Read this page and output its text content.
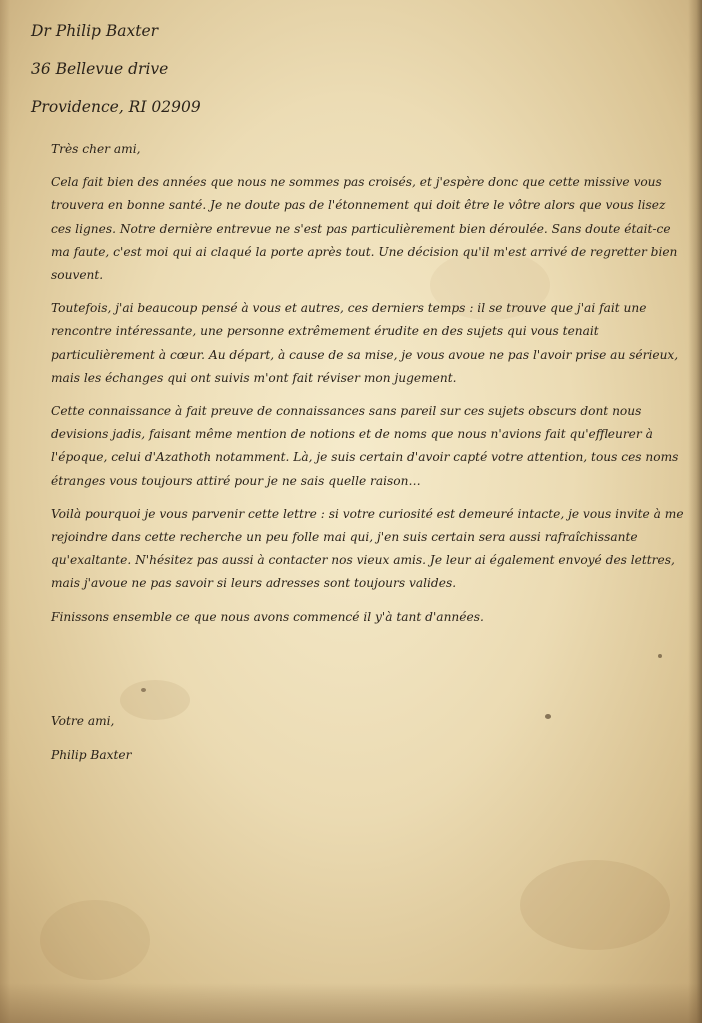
Dr Philip Baxter
36 Bellevue drive
Providence, RI 02909

Très cher ami,

Cela fait bien des années que nous ne sommes pas croisés, et j'espère donc que cette missive vous trouvera en bonne santé. Je ne doute pas de l'étonnement qui doit être le vôtre alors que vous lisez ces lignes. Notre dernière entrevue ne s'est pas particulièrement bien déroulée. Sans doute était-ce ma faute, c'est moi qui ai claqué la porte après tout. Une décision qu'il m'est arrivé de regretter bien souvent.

Toutefois, j'ai beaucoup pensé à vous et autres, ces derniers temps : il se trouve que j'ai fait une rencontre intéressante, une personne extrêmement érudite en des sujets qui vous tenait particulièrement à cœur. Au départ, à cause de sa mise, je vous avoue ne pas l'avoir prise au sérieux, mais les échanges qui ont suivis m'ont fait réviser mon jugement.

Cette connaissance à fait preuve de connaissances sans pareil sur ces sujets obscurs dont nous devisions jadis, faisant même mention de notions et de noms que nous n'avions fait qu'effleurer à l'époque, celui d'Azathoth notamment. Là, je suis certain d'avoir capté votre attention, tous ces noms étranges vous toujours attiré pour je ne sais quelle raison…

Voilà pourquoi je vous parvenir cette lettre : si votre curiosité est demeuré intacte, je vous invite à me rejoindre dans cette recherche un peu folle mai qui, j'en suis certain sera aussi rafraîchissante qu'exaltante. N'hésitez pas aussi à contacter nos vieux amis. Je leur ai également envoyé des lettres, mais j'avoue ne pas savoir si leurs adresses sont toujours valides.

Finissons ensemble ce que nous avons commencé il y'à tant d'années.

Votre ami,
Philip Baxter
